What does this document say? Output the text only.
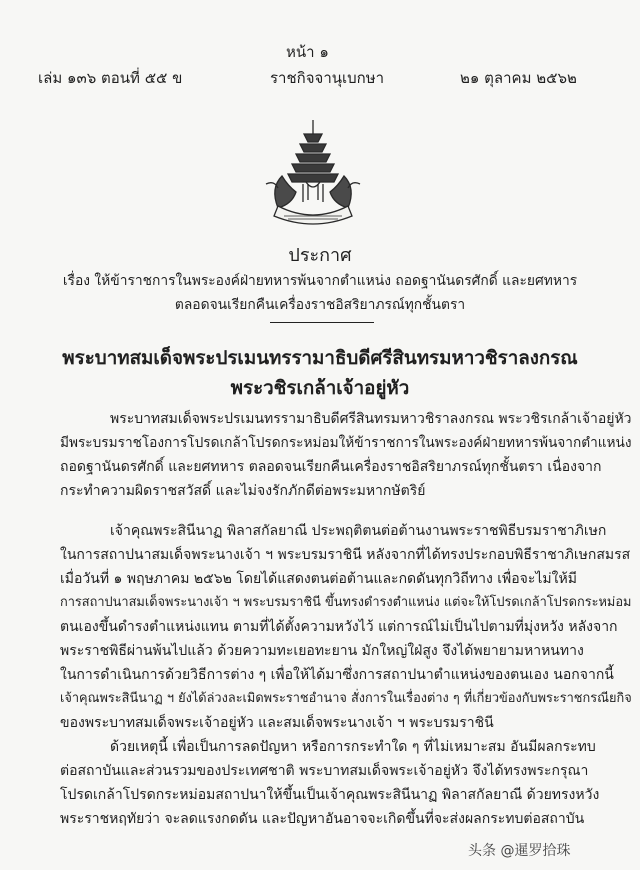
หน้า ๑
เล่ม ๑๓๖ ตอนที่ ๕๕ ข	ราชกิจจานุเบกษา	๒๑ ตุลาคม ๒๕๖๒
ประกาศ
เรื่อง ให้ข้าราชการในพระองค์ฝ่ายทหารพ้นจากตำแหน่ง ถอดฐานันดรศักดิ์ และยศทหาร
ตลอดจนเรียกคืนเครื่องราชอิสริยาภรณ์ทุกชั้นตรา
พระบาทสมเด็จพระปรเมนทรรามาธิบดีศรีสินทรมหาวชิราลงกรณ
พระวชิรเกล้าเจ้าอยู่หัว
พระบาทสมเด็จพระปรเมนทรรามาธิบดีศรีสินทรมหาวชิราลงกรณ พระวชิรเกล้าเจ้าอยู่หัว
มีพระบรมราชโองการโปรดเกล้าโปรดกระหม่อมให้ข้าราชการในพระองค์ฝ่ายทหารพ้นจากตำแหน่ง
ถอดฐานันดรศักดิ์ และยศทหาร ตลอดจนเรียกคืนเครื่องราชอิสริยาภรณ์ทุกชั้นตรา เนื่องจาก
กระทำความผิดราชสวัสดิ์ และไม่จงรักภักดีต่อพระมหากษัตริย์
เจ้าคุณพระสินีนาฏ พิลาสกัลยาณี ประพฤติตนต่อต้านงานพระราชพิธีบรมราชาภิเษก
ในการสถาปนาสมเด็จพระนางเจ้า ฯ พระบรมราชินี หลังจากที่ได้ทรงประกอบพิธีราชาภิเษกสมรส
เมื่อวันที่ ๑ พฤษภาคม ๒๕๖๒ โดยได้แสดงตนต่อต้านและกดดันทุกวิถีทาง เพื่อจะไม่ให้มี
การสถาปนาสมเด็จพระนางเจ้า ฯ พระบรมราชินี ขึ้นทรงดำรงตำแหน่ง แต่จะให้โปรดเกล้าโปรดกระหม่อม
ตนเองขึ้นดำรงตำแหน่งแทน ตามที่ได้ตั้งความหวังไว้ แต่การณ์ไม่เป็นไปตามที่มุ่งหวัง หลังจาก
พระราชพิธีผ่านพ้นไปแล้ว ด้วยความทะเยอทะยาน มักใหญ่ใฝ่สูง จึงได้พยายามหาหนทาง
ในการดำเนินการด้วยวิธีการต่าง ๆ เพื่อให้ได้มาซึ่งการสถาปนาตำแหน่งของตนเอง นอกจากนี้
เจ้าคุณพระสินีนาฏ ฯ ยังได้ล่วงละเมิดพระราชอำนาจ สั่งการในเรื่องต่าง ๆ ที่เกี่ยวข้องกับพระราชกรณียกิจ
ของพระบาทสมเด็จพระเจ้าอยู่หัว และสมเด็จพระนางเจ้า ฯ พระบรมราชินี
ด้วยเหตุนี้ เพื่อเป็นการลดปัญหา หรือการกระทำใด ๆ ที่ไม่เหมาะสม อันมีผลกระทบ
ต่อสถาบันและส่วนรวมของประเทศชาติ พระบาทสมเด็จพระเจ้าอยู่หัว จึงได้ทรงพระกรุณา
โปรดเกล้าโปรดกระหม่อมสถาปนาให้ขึ้นเป็นเจ้าคุณพระสินีนาฏ พิลาสกัลยาณี ด้วยทรงหวัง
พระราชหฤทัยว่า จะลดแรงกดดัน และปัญหาอันอาจจะเกิดขึ้นที่จะส่งผลกระทบต่อสถาบัน
头条 @暹罗拾珠
